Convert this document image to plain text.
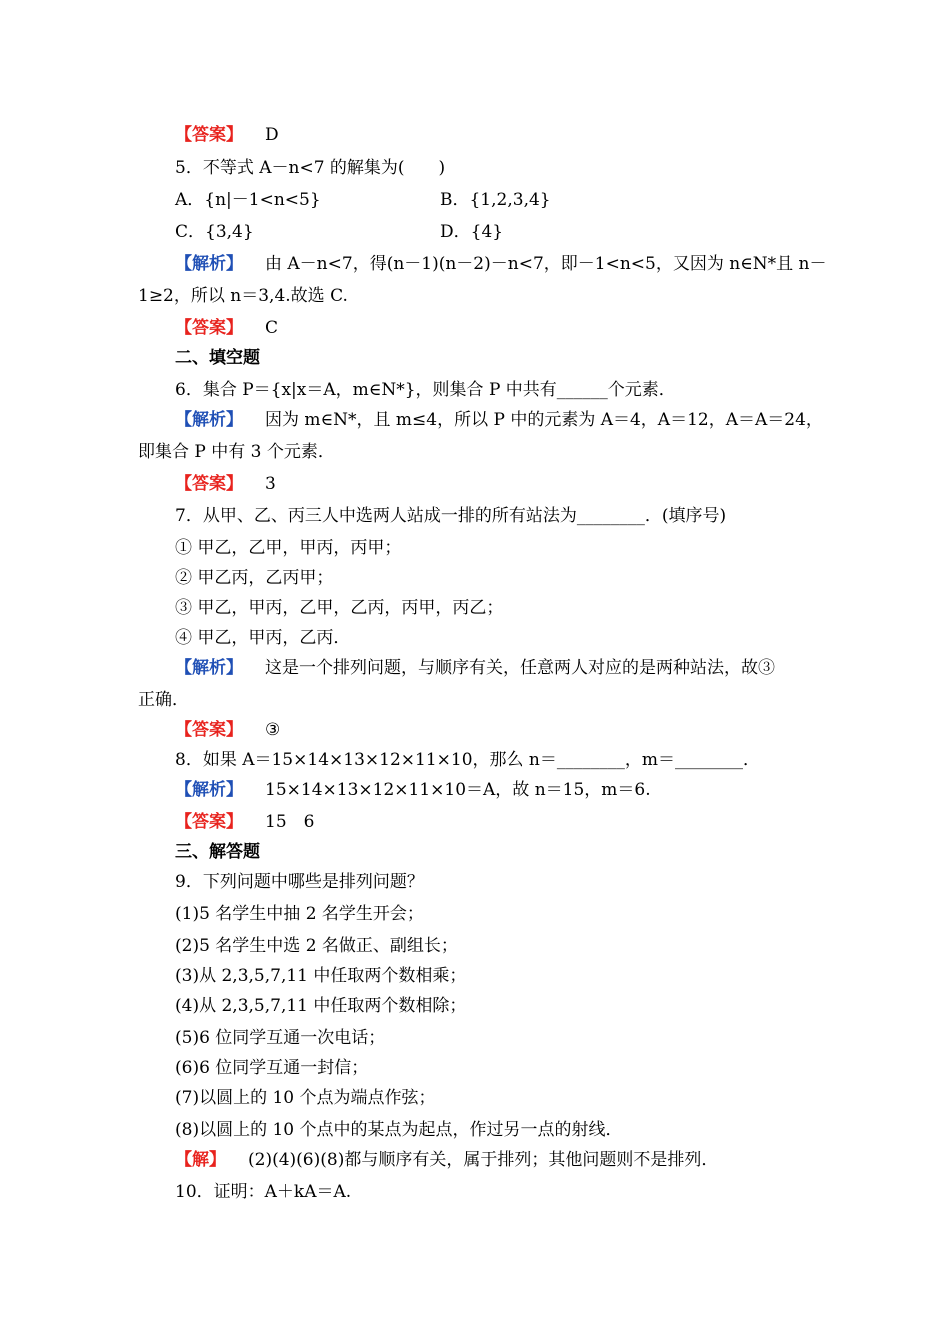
【答案】 D
5．不等式 A－n<7 的解集为(　　)
A．{n|－1<n<5}	B．{1,2,3,4}
C．{3,4}	D．{4}
【解析】 由 A－n<7，得(n－1)(n－2)－n<7，即－1<n<5，又因为 n∈N*且 n－
1≥2，所以 n＝3,4.故选 C.
【答案】 C
二、填空题
6．集合 P＝{x|x＝A，m∈N*}，则集合 P 中共有______个元素．
【解析】 因为 m∈N*，且 m≤4，所以 P 中的元素为 A＝4，A＝12，A＝A＝24，
即集合 P 中有 3 个元素．
【答案】 3
7．从甲、乙、丙三人中选两人站成一排的所有站法为________．(填序号)
① 甲乙，乙甲，甲丙，丙甲；
② 甲乙丙，乙丙甲；
③ 甲乙，甲丙，乙甲，乙丙，丙甲，丙乙；
④ 甲乙，甲丙，乙丙．
【解析】 这是一个排列问题，与顺序有关，任意两人对应的是两种站法，故③
正确．
【答案】 ③
8．如果 A＝15×14×13×12×11×10，那么 n＝________，m＝________．
【解析】 15×14×13×12×11×10＝A，故 n＝15，m＝6.
【答案】 15　6
三、解答题
9．下列问题中哪些是排列问题？
(1)5 名学生中抽 2 名学生开会；
(2)5 名学生中选 2 名做正、副组长；
(3)从 2,3,5,7,11 中任取两个数相乘；
(4)从 2,3,5,7,11 中任取两个数相除；
(5)6 位同学互通一次电话；
(6)6 位同学互通一封信；
(7)以圆上的 10 个点为端点作弦；
(8)以圆上的 10 个点中的某点为起点，作过另一点的射线．
【解】 (2)(4)(6)(8)都与顺序有关，属于排列；其他问题则不是排列．
10．证明：A＋kA＝A.
